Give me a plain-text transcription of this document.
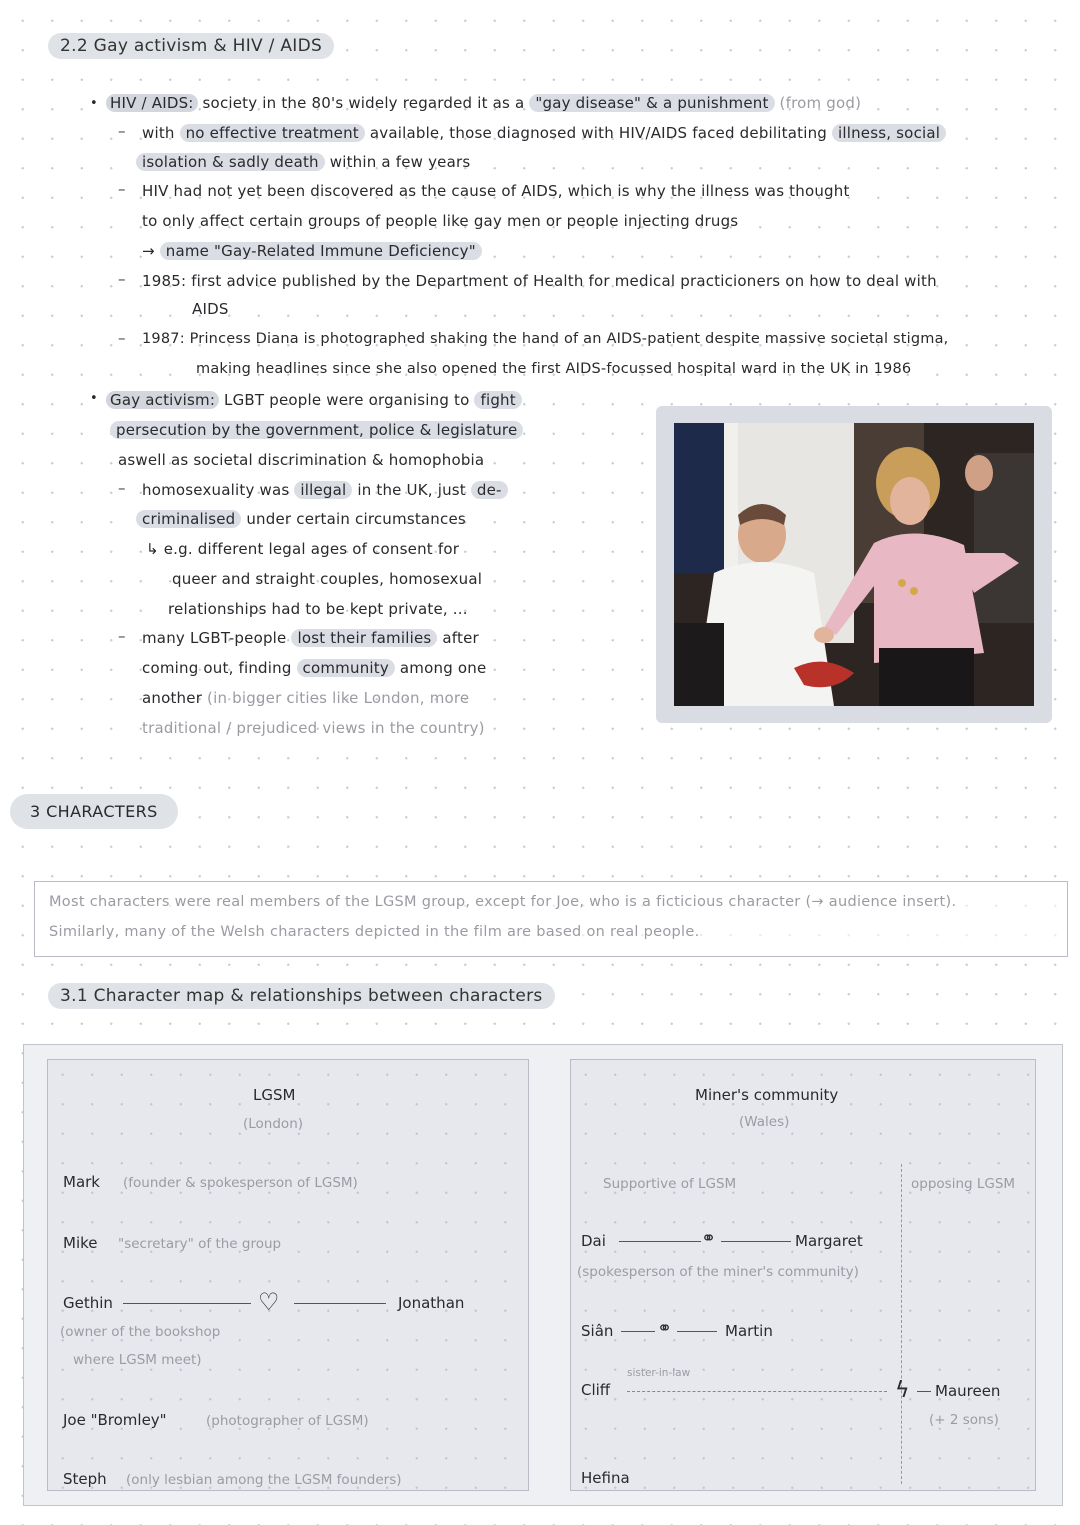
2.2 Gay activism & HIV / AIDS
• HIV / AIDS: society in the 80's widely regarded it as a "gay disease" & a punishment (from god)
– with no effective treatment available, those diagnosed with HIV/AIDS faced debilitating illness, social
isolation & sadly death within a few years
– HIV had not yet been discovered as the cause of AIDS, which is why the illness was thought
to only affect certain groups of people like gay men or people injecting drugs
→ name "Gay-Related Immune Deficiency"
– 1985: first advice published by the Department of Health for medical practicioners on how to deal with
AIDS
– 1987: Princess Diana is photographed shaking the hand of an AIDS-patient despite massive societal stigma,
making headlines since she also opened the first AIDS-focussed hospital ward in the UK in 1986
• Gay activism: LGBT people were organising to fight
persecution by the government, police & legislature
aswell as societal discrimination & homophobia
– homosexuality was illegal in the UK, just de-
criminalised under certain circumstances
↳ e.g. different legal ages of consent for
queer and straight couples, homosexual
relationships had to be kept private, ...
– many LGBT-people lost their families after
coming out, finding community among one
another (in bigger cities like London, more
traditional / prejudiced views in the country)
3 CHARACTERS
Most characters were real members of the LGSM group, except for Joe, who is a ficticious character (→ audience insert).
Similarly, many of the Welsh characters depicted in the film are based on real people.
3.1 Character map & relationships between characters
LGSM
(London)
Mark (founder & spokesperson of LGSM)
Mike "secretary" of the group
Gethin	♡	Jonathan
(owner of the bookshop
where LGSM meet)
Joe "Bromley"	(photographer of LGSM)
Steph (only lesbian among the LGSM founders)
Miner's community
(Wales)
Supportive of LGSM	opposing LGSM
Dai	⚭	Margaret
(spokesperson of the miner's community)
Siân ⚭	Martin
Cliff
sister-in-law
ϟ Maureen
(+ 2 sons)
Hefina
